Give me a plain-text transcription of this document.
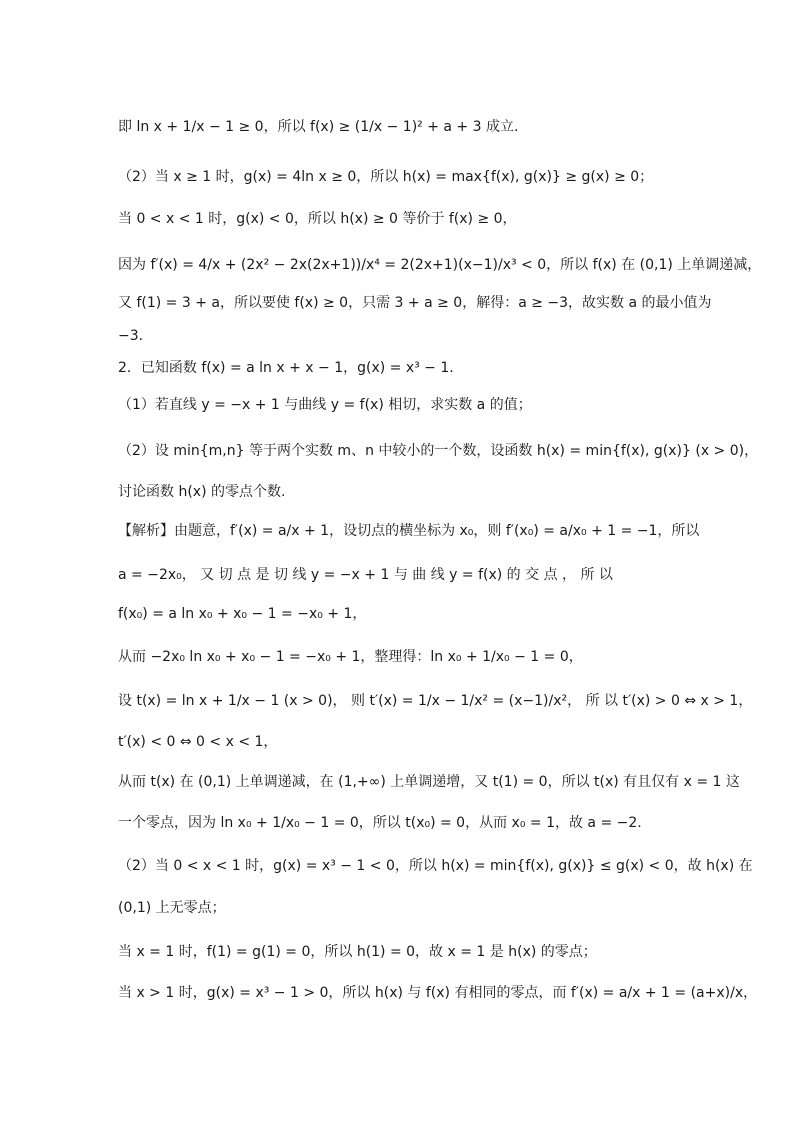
即 ln x + 1/x − 1 ≥ 0，所以 f(x) ≥ (1/x − 1)² + a + 3 成立.
（2）当 x ≥ 1 时，g(x) = 4ln x ≥ 0，所以 h(x) = max{f(x), g(x)} ≥ g(x) ≥ 0；
当 0 < x < 1 时，g(x) < 0，所以 h(x) ≥ 0 等价于 f(x) ≥ 0，
因为 f′(x) = 4/x + (2x² − 2x(2x+1))/x⁴ = 2(2x+1)(x−1)/x³ < 0，所以 f(x) 在 (0,1) 上单调递减，
又 f(1) = 3 + a，所以要使 f(x) ≥ 0，只需 3 + a ≥ 0，解得：a ≥ −3，故实数 a 的最小值为
−3.
2．已知函数 f(x) = a ln x + x − 1，g(x) = x³ − 1.
（1）若直线 y = −x + 1 与曲线 y = f(x) 相切，求实数 a 的值；
（2）设 min{m,n} 等于两个实数 m、n 中较小的一个数，设函数 h(x) = min{f(x), g(x)} (x > 0)，
讨论函数 h(x) 的零点个数.
【解析】由题意，f′(x) = a/x + 1，设切点的横坐标为 x₀，则 f′(x₀) = a/x₀ + 1 = −1，所以
a = −2x₀， 又 切 点 是 切 线 y = −x + 1 与 曲 线 y = f(x) 的 交 点 ， 所 以
f(x₀) = a ln x₀ + x₀ − 1 = −x₀ + 1，
从而 −2x₀ ln x₀ + x₀ − 1 = −x₀ + 1，整理得：ln x₀ + 1/x₀ − 1 = 0，
设 t(x) = ln x + 1/x − 1 (x > 0)， 则 t′(x) = 1/x − 1/x² = (x−1)/x²， 所 以 t′(x) > 0 ⇔ x > 1，
t′(x) < 0 ⇔ 0 < x < 1，
从而 t(x) 在 (0,1) 上单调递减，在 (1,+∞) 上单调递增，又 t(1) = 0，所以 t(x) 有且仅有 x = 1 这
一个零点，因为 ln x₀ + 1/x₀ − 1 = 0，所以 t(x₀) = 0，从而 x₀ = 1，故 a = −2.
（2）当 0 < x < 1 时，g(x) = x³ − 1 < 0，所以 h(x) = min{f(x), g(x)} ≤ g(x) < 0，故 h(x) 在
(0,1) 上无零点；
当 x = 1 时，f(1) = g(1) = 0，所以 h(1) = 0，故 x = 1 是 h(x) 的零点；
当 x > 1 时，g(x) = x³ − 1 > 0，所以 h(x) 与 f(x) 有相同的零点，而 f′(x) = a/x + 1 = (a+x)/x，
